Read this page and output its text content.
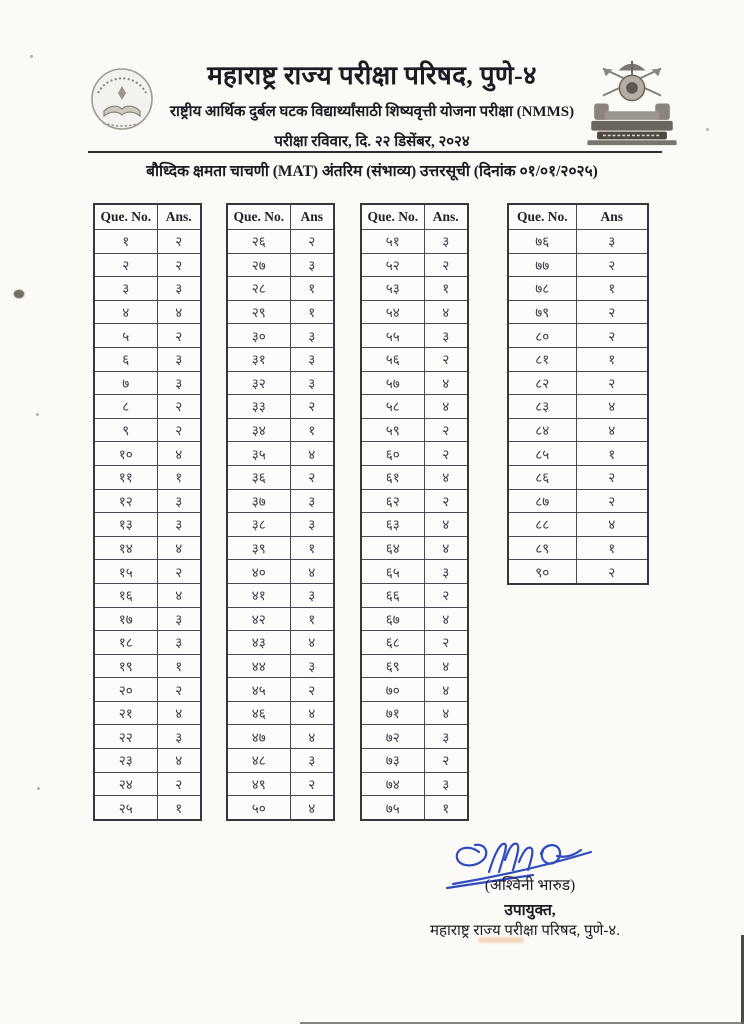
महाराष्ट्र राज्य परीक्षा परिषद, पुणे-४
राष्ट्रीय आर्थिक दुर्बल घटक विद्यार्थ्यांसाठी शिष्यवृत्ती योजना परीक्षा (NMMS)
परीक्षा रविवार, दि. २२ डिसेंबर, २०२४
बौध्दिक क्षमता चाचणी (MAT) अंतरिम (संभाव्य) उत्तरसूची (दिनांक ०१/०१/२०२५)
Que. No.	Ans.
१	२
२	२
३	३
४	४
५	२
६	३
७	३
८	२
९	२
१०	४
११	१
१२	३
१३	३
१४	४
१५	२
१६	४
१७	३
१८	३
१९	१
२०	२
२१	४
२२	३
२३	४
२४	२
२५	१
Que. No.	Ans
२६	२
२७	३
२८	१
२९	१
३०	३
३१	३
३२	३
३३	२
३४	१
३५	४
३६	२
३७	३
३८	३
३९	१
४०	४
४१	३
४२	१
४३	४
४४	३
४५	२
४६	४
४७	४
४८	३
४९	२
५०	४
Que. No.	Ans.
५१	३
५२	२
५३	१
५४	४
५५	३
५६	२
५७	४
५८	४
५९	२
६०	२
६१	४
६२	२
६३	४
६४	४
६५	३
६६	२
६७	४
६८	२
६९	४
७०	४
७१	४
७२	३
७३	२
७४	३
७५	१
Que. No.	Ans
७६	३
७७	२
७८	१
७९	२
८०	२
८१	१
८२	२
८३	४
८४	४
८५	१
८६	२
८७	२
८८	४
८९	१
९०	२
(अश्विनी भारुड)
उपायुक्त,
महाराष्ट्र राज्य परीक्षा परिषद, पुणे-४.
